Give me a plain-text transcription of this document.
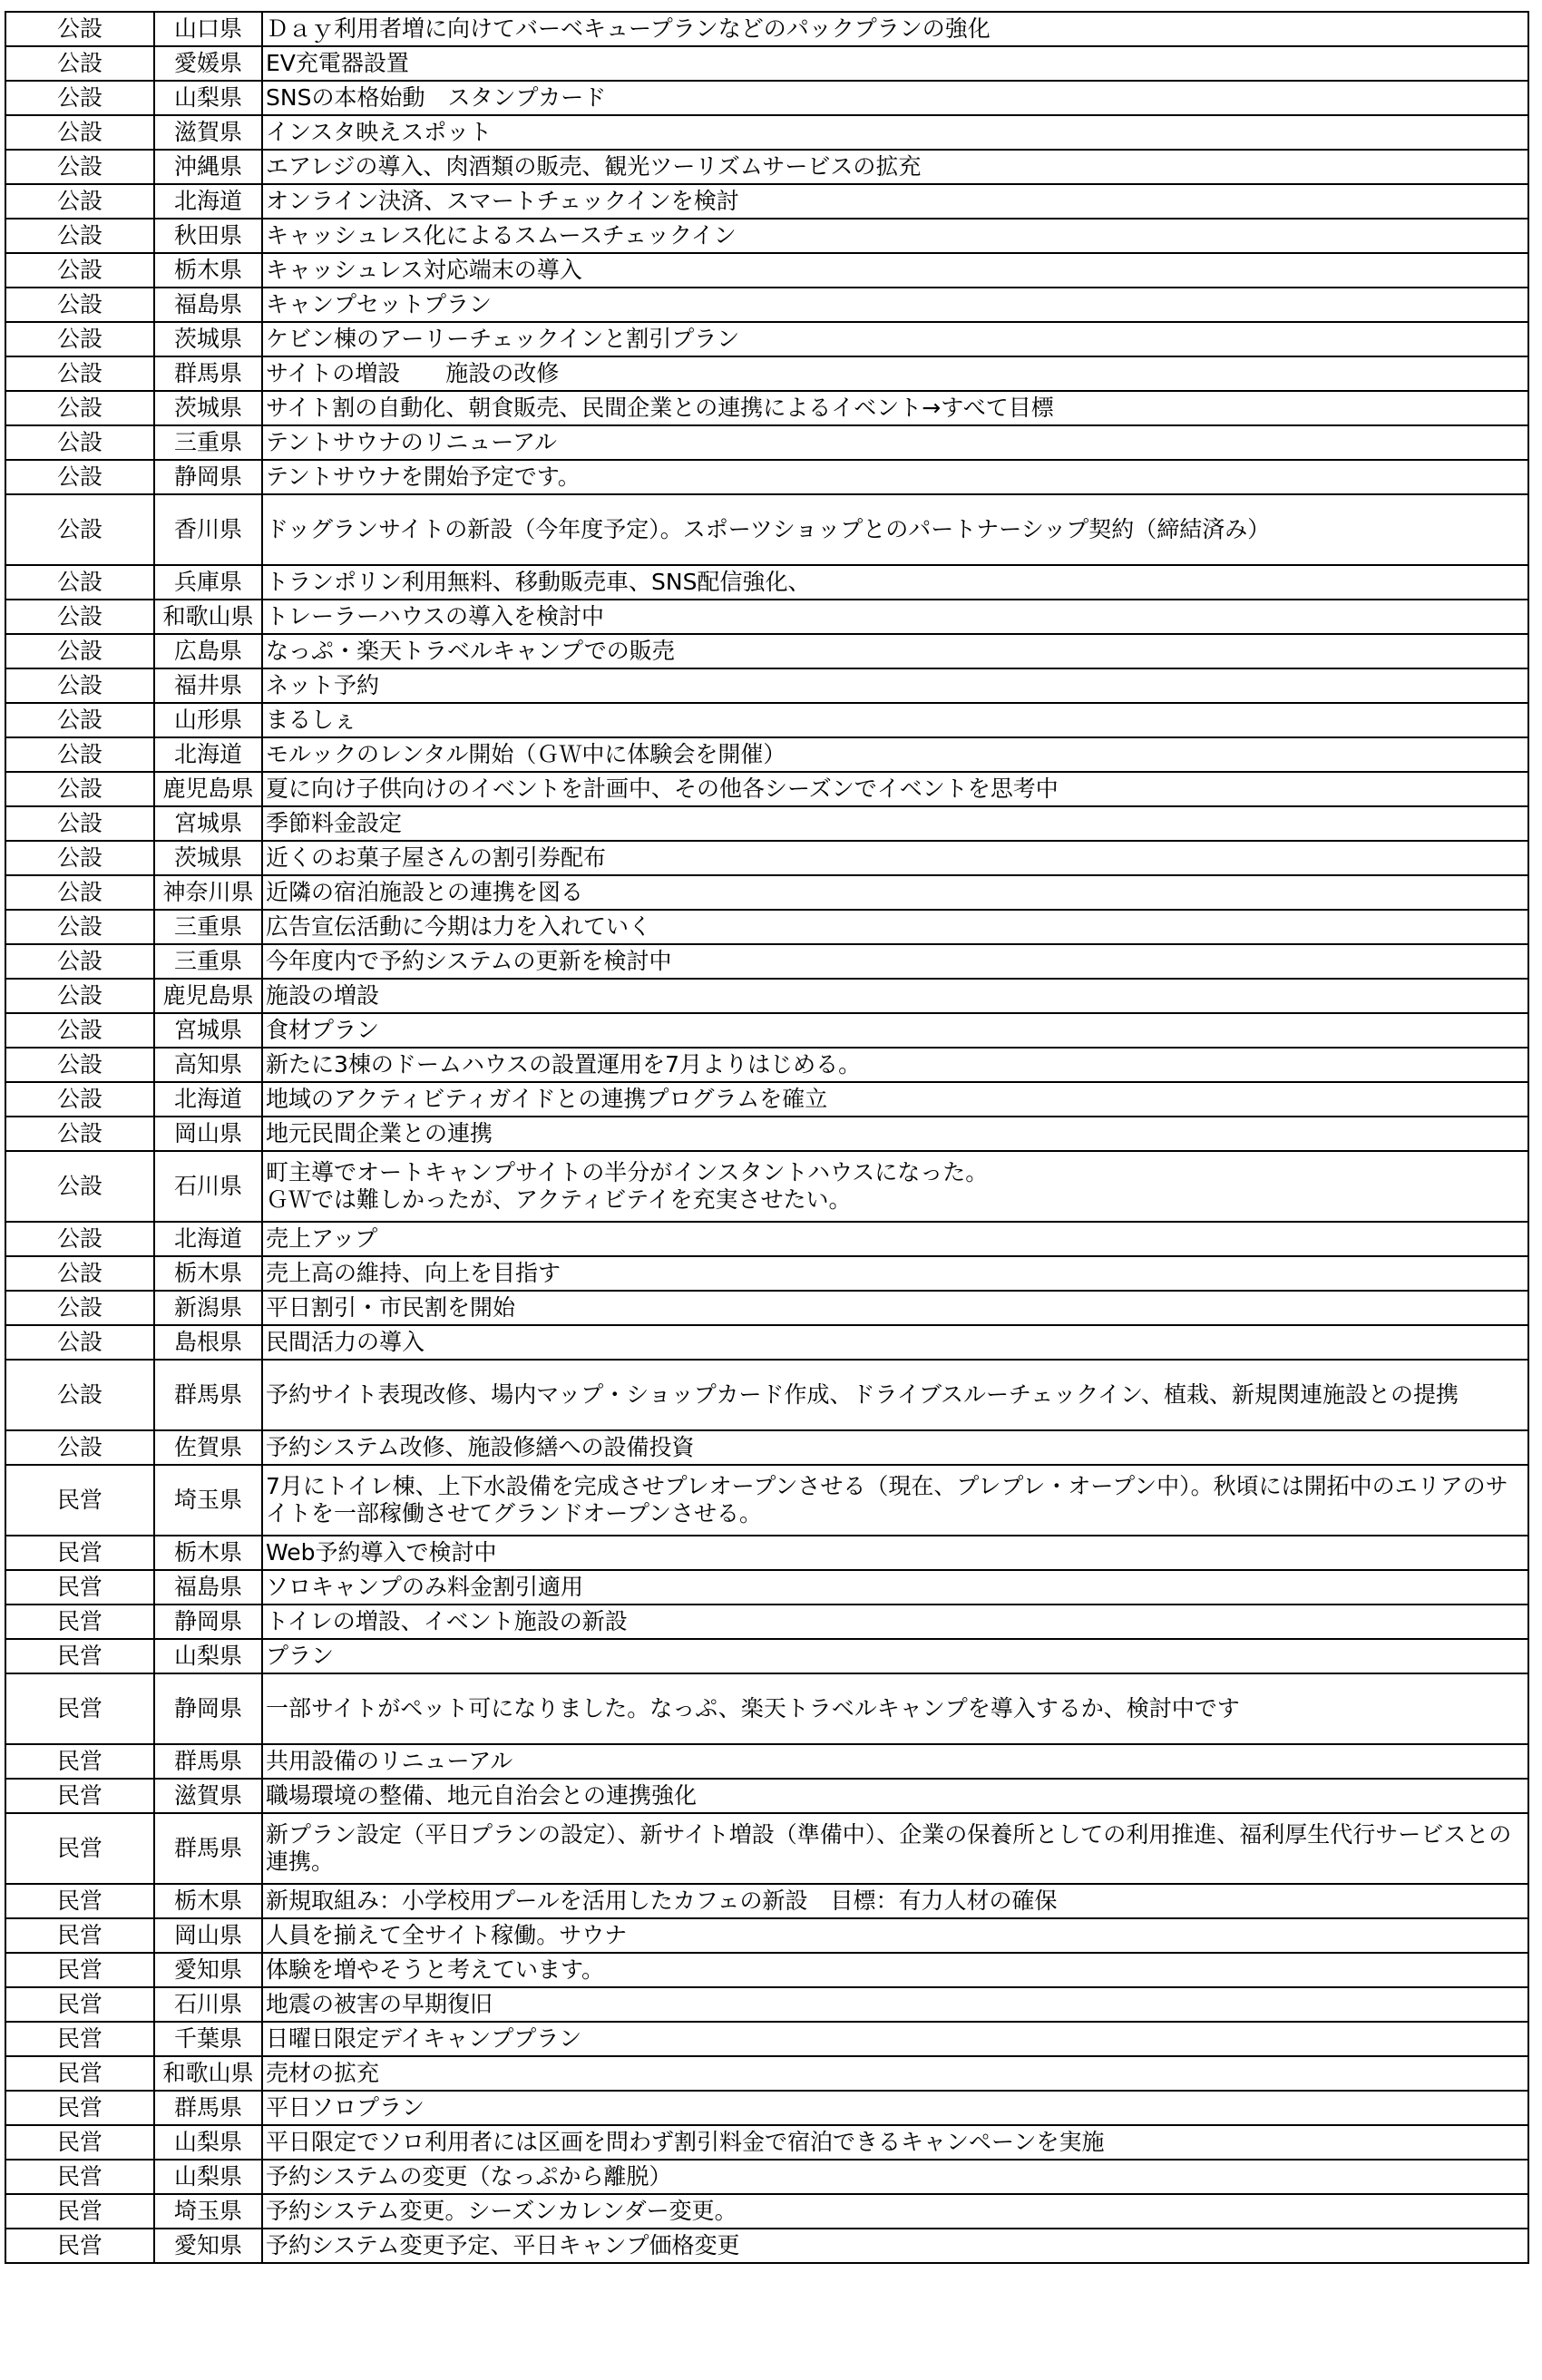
公設	山口県	Ｄａｙ利用者増に向けてバーベキュープランなどのパックプランの強化
公設	愛媛県	EV充電器設置
公設	山梨県	SNSの本格始動　スタンプカード
公設	滋賀県	インスタ映えスポット
公設	沖縄県	エアレジの導入、肉酒類の販売、観光ツーリズムサービスの拡充
公設	北海道	オンライン決済、スマートチェックインを検討
公設	秋田県	キャッシュレス化によるスムースチェックイン
公設	栃木県	キャッシュレス対応端末の導入
公設	福島県	キャンプセットプラン
公設	茨城県	ケビン棟のアーリーチェックインと割引プラン
公設	群馬県	サイトの増設　　施設の改修
公設	茨城県	サイト割の自動化、朝食販売、民間企業との連携によるイベント→すべて目標
公設	三重県	テントサウナのリニューアル
公設	静岡県	テントサウナを開始予定です。
公設	香川県	ドッグランサイトの新設（今年度予定）。スポーツショップとのパートナーシップ契約（締結済み）
公設	兵庫県	トランポリン利用無料、移動販売車、SNS配信強化、
公設	和歌山県	トレーラーハウスの導入を検討中
公設	広島県	なっぷ・楽天トラベルキャンプでの販売
公設	福井県	ネット予約
公設	山形県	まるしぇ
公設	北海道	モルックのレンタル開始（ＧＷ中に体験会を開催）
公設	鹿児島県	夏に向け子供向けのイベントを計画中、その他各シーズンでイベントを思考中
公設	宮城県	季節料金設定
公設	茨城県	近くのお菓子屋さんの割引券配布
公設	神奈川県	近隣の宿泊施設との連携を図る
公設	三重県	広告宣伝活動に今期は力を入れていく
公設	三重県	今年度内で予約システムの更新を検討中
公設	鹿児島県	施設の増設
公設	宮城県	食材プラン
公設	高知県	新たに3棟のドームハウスの設置運用を7月よりはじめる。
公設	北海道	地域のアクティビティガイドとの連携プログラムを確立
公設	岡山県	地元民間企業との連携
公設	石川県	町主導でオートキャンプサイトの半分がインスタントハウスになった。
ＧＷでは難しかったが、アクティビテイを充実させたい。
公設	北海道	売上アップ
公設	栃木県	売上高の維持、向上を目指す
公設	新潟県	平日割引・市民割を開始
公設	島根県	民間活力の導入
公設	群馬県	予約サイト表現改修、場内マップ・ショップカード作成、ドライブスルーチェックイン、植栽、新規関連施設との提携
公設	佐賀県	予約システム改修、施設修繕への設備投資
民営	埼玉県	7月にトイレ棟、上下水設備を完成させプレオープンさせる（現在、プレプレ・オープン中）。秋頃には開拓中のエリアのサイトを一部稼働させてグランドオープンさせる。
民営	栃木県	Web予約導入で検討中
民営	福島県	ソロキャンプのみ料金割引適用
民営	静岡県	トイレの増設、イベント施設の新設
民営	山梨県	プラン
民営	静岡県	一部サイトがペット可になりました。なっぷ、楽天トラベルキャンプを導入するか、検討中です
民営	群馬県	共用設備のリニューアル
民営	滋賀県	職場環境の整備、地元自治会との連携強化
民営	群馬県	新プラン設定（平日プランの設定）、新サイト増設（準備中）、企業の保養所としての利用推進、福利厚生代行サービスとの連携。
民営	栃木県	新規取組み：小学校用プールを活用したカフェの新設　目標：有力人材の確保
民営	岡山県	人員を揃えて全サイト稼働。サウナ
民営	愛知県	体験を増やそうと考えています。
民営	石川県	地震の被害の早期復旧
民営	千葉県	日曜日限定デイキャンププラン
民営	和歌山県	売材の拡充
民営	群馬県	平日ソロプラン
民営	山梨県	平日限定でソロ利用者には区画を問わず割引料金で宿泊できるキャンペーンを実施
民営	山梨県	予約システムの変更（なっぷから離脱）
民営	埼玉県	予約システム変更。シーズンカレンダー変更。
民営	愛知県	予約システム変更予定、平日キャンプ価格変更
